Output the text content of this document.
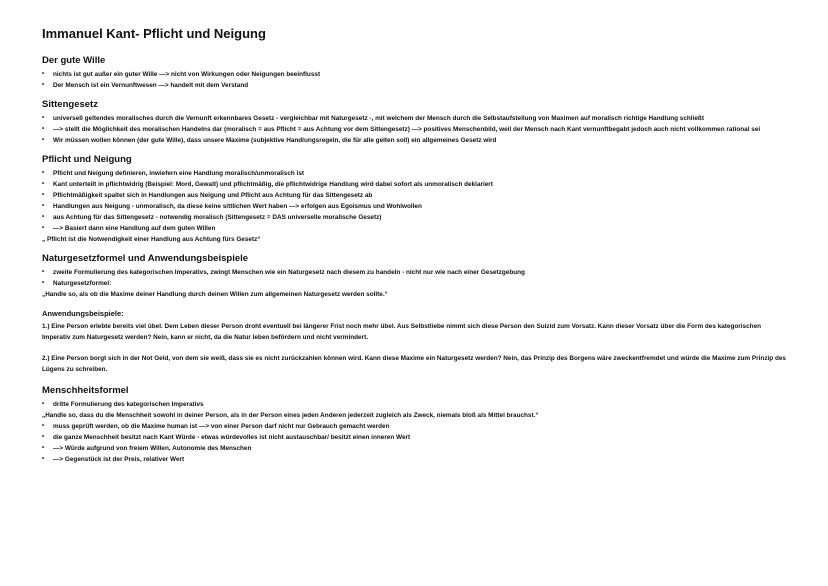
Immanuel Kant- Pflicht und Neigung
Der gute Wille
• nichts ist gut außer ein guter Wille —> nicht von Wirkungen oder Neigungen beeinflusst
• Der Mensch ist ein Vernunftwesen —> handelt mit dem Verstand
Sittengesetz
• universell geltendes moralisches durch die Vernunft erkennbares Gesetz - vergleichbar mit Naturgesetz -, mit welchem der Mensch durch die Selbstaufstellung von Maximen auf moralisch richtige Handlung schließt
• —> stellt die Möglichkeit des moralischen Handelns dar (moralisch = aus Pflicht = aus Achtung vor dem Sittengesetz) —> positives Menschenbild, weil der Mensch nach Kant vernunftbegabt jedoch auch nicht vollkommen rational sei
• Wir müssen wollen können (der gute Wille), dass unsere Maxime (subjektive Handlungsregeln, die für alle gelten soll) ein allgemeines Gesetz wird
Pflicht und Neigung
• Pflicht und Neigung definieren, inwiefern eine Handlung moralisch/unmoralisch ist
• Kant unterteilt in pflichtwidrig (Beispiel: Mord, Gewalt) und pflichtmäßig, die pflichtwidrige Handlung wird dabei sofort als unmoralisch deklariert
• Pflichtmäßigkeit spaltet sich in Handlungen aus Neigung und Pflicht aus Achtung für das Sittengesetz ab
• Handlungen aus Neigung - unmoralisch, da diese keine sittlichen Wert haben —> erfolgen aus Egoismus und Wohlwollen
• aus Achtung für das Sittengesetz - notwendig moralisch (Sittengesetz = DAS universelle moralische Gesetz)
• —> Basiert dann eine Handlung auf dem guten Willen
„ Pflicht ist die Notwendigkeit einer Handlung aus Achtung fürs Gesetz“
Naturgesetzformel und Anwendungsbeispiele
• zweite Formulierung des kategorischen Imperativs, zwingt Menschen wie ein Naturgesetz nach diesem zu handeln - nicht nur wie nach einer Gesetzgebung
• Naturgesetzformel:
„Handle so, als ob die Maxime deiner Handlung durch deinen Willen zum allgemeinen Naturgesetz werden sollte.“
Anwendungsbeispiele:
1.) Eine Person erlebte bereits viel übel. Dem Leben dieser Person droht eventuell bei längerer Frist noch mehr übel. Aus Selbstliebe nimmt sich diese Person den Suizid zum Vorsatz. Kann dieser Vorsatz über die Form des kategorischen Imperativ zum Naturgesetz werden? Nein, kann er nicht, da die Natur leben befördern und nicht vermindert.
2.) Eine Person borgt sich in der Not Geld, von dem sie weiß, dass sie es nicht zurückzahlen können wird. Kann diese Maxime ein Naturgesetz werden? Nein, das Prinzip des Borgens wäre zweckentfremdet und würde die Maxime zum Prinzip des Lügens zu schreiben.
Menschheitsformel
• dritte Formulierung des kategorischen Imperativs
„Handle so, dass du die Menschheit sowohl in deiner Person, als in der Person eines jeden Anderen jederzeit zugleich als Zweck, niemals bloß als Mittel brauchst.“
• muss geprüft werden, ob die Maxime human ist —> von einer Person darf nicht nur Gebrauch gemacht werden
• die ganze Menschheit besitzt nach Kant Würde - etwas würdevolles ist nicht austauschbar/ besitzt einen inneren Wert
• —> Würde aufgrund von freiem Willen, Autonomie des Menschen
• —> Gegenstück ist der Preis, relativer Wert
